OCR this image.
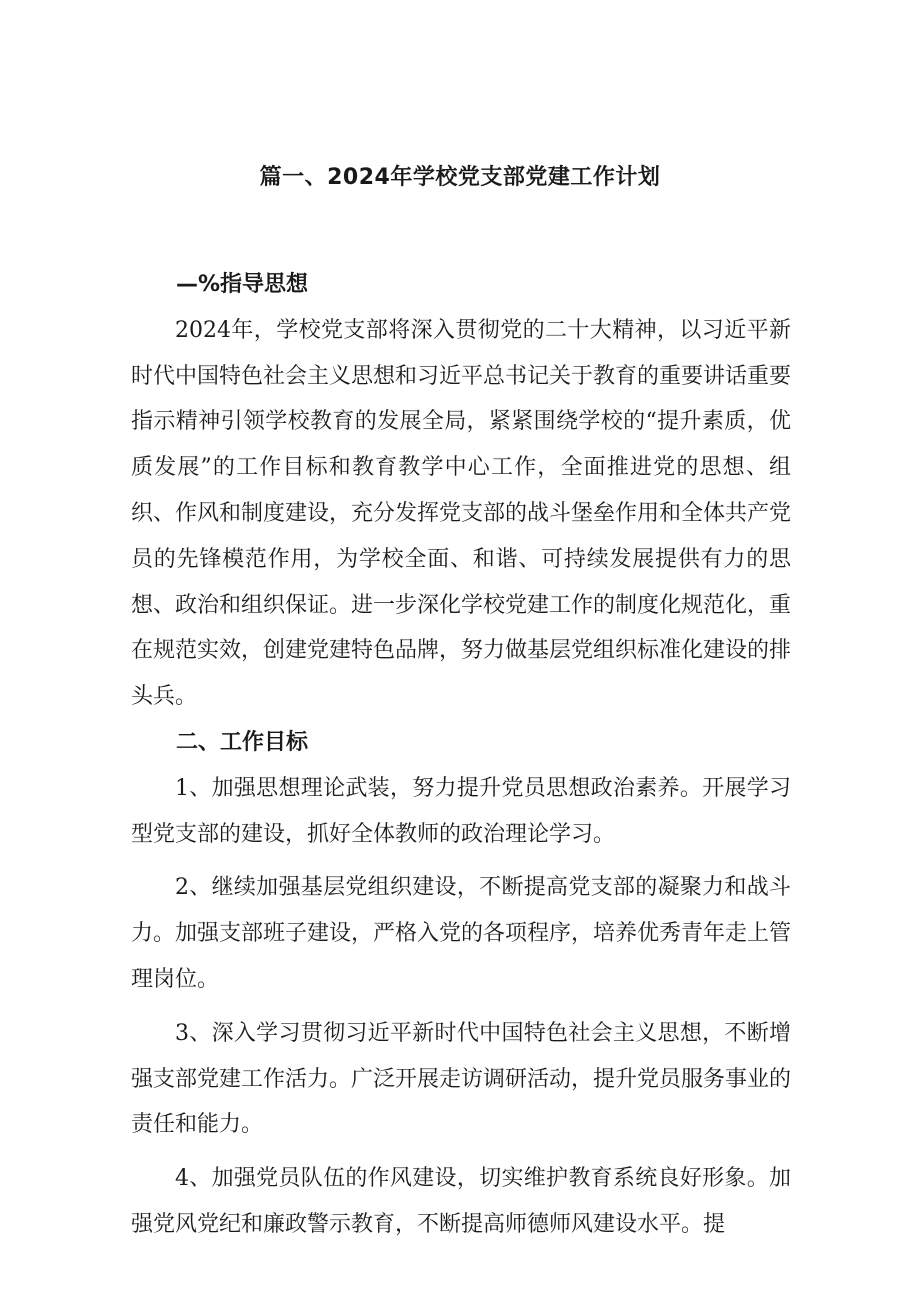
篇一、2024年学校党支部党建工作计划

—%指导思想

2024年，学校党支部将深入贯彻党的二十大精神，以习近平新时代中国特色社会主义思想和习近平总书记关于教育的重要讲话重要指示精神引领学校教育的发展全局，紧紧围绕学校的“提升素质，优质发展”的工作目标和教育教学中心工作，全面推进党的思想、组织、作风和制度建设，充分发挥党支部的战斗堡垒作用和全体共产党员的先锋模范作用，为学校全面、和谐、可持续发展提供有力的思想、政治和组织保证。进一步深化学校党建工作的制度化规范化，重在规范实效，创建党建特色品牌，努力做基层党组织标准化建设的排头兵。

二、工作目标

1、加强思想理论武装，努力提升党员思想政治素养。开展学习型党支部的建设，抓好全体教师的政治理论学习。

2、继续加强基层党组织建设，不断提高党支部的凝聚力和战斗力。加强支部班子建设，严格入党的各项程序，培养优秀青年走上管理岗位。

3、深入学习贯彻习近平新时代中国特色社会主义思想，不断增强支部党建工作活力。广泛开展走访调研活动，提升党员服务事业的责任和能力。

4、加强党员队伍的作风建设，切实维护教育系统良好形象。加强党风党纪和廉政警示教育，不断提高师德师风建设水平。提
